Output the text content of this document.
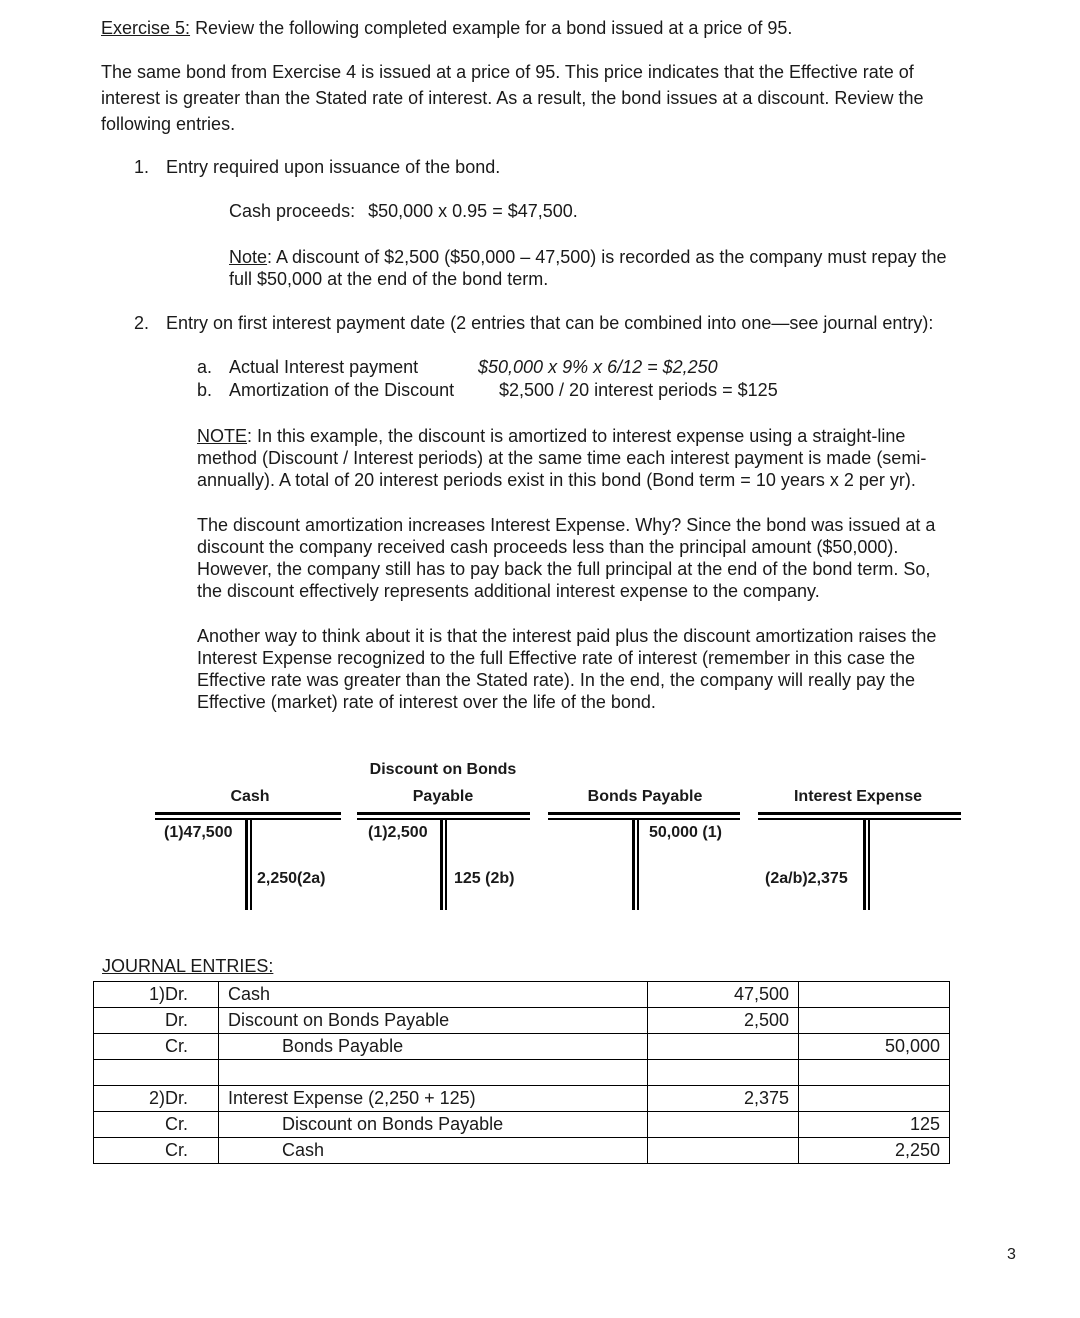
Exercise 5: Review the following completed example for a bond issued at a price of 95.
The same bond from Exercise 4 is issued at a price of 95. This price indicates that the Effective rate of
interest is greater than the Stated rate of interest. As a result, the bond issues at a discount. Review the
following entries.
1. Entry required upon issuance of the bond.
Cash proceeds: $50,000 x 0.95 = $47,500.

Note: A discount of $2,500 ($50,000 – 47,500) is recorded as the company must repay the

full $50,000 at the end of the bond term.

2. Entry on first interest payment date (2 entries that can be combined into one—see journal entry):
a. Actual Interest payment	$50,000 x 9% x 6/12 = $2,250
b. Amortization of the Discount $2,500 / 20 interest periods = $125

NOTE: In this example, the discount is amortized to interest expense using a straight-line

method (Discount / Interest periods) at the same time each interest payment is made (semi-

annually). A total of 20 interest periods exist in this bond (Bond term = 10 years x 2 per yr).

The discount amortization increases Interest Expense. Why? Since the bond was issued at a

discount the company received cash proceeds less than the principal amount ($50,000).

However, the company still has to pay back the full principal at the end of the bond term. So,

the discount effectively represents additional interest expense to the company.

Another way to think about it is that the interest paid plus the discount amortization raises the

Interest Expense recognized to the full Effective rate of interest (remember in this case the

Effective rate was greater than the Stated rate). In the end, the company will really pay the

Effective (market) rate of interest over the life of the bond.

Cash
(1)47,500
2,250(2a)
Discount on Bonds
Payable
(1)2,500
125 (2b)
Bonds Payable
50,000 (1)
Interest Expense
(2a/b)2,375
JOURNAL ENTRIES:
1)Dr.	Cash	47,500	
Dr.	Discount on Bonds Payable	2,500	
Cr.	Bonds Payable		50,000

2)Dr.	Interest Expense (2,250 + 125)	2,375	
Cr.	Discount on Bonds Payable		125
Cr.	Cash		2,250
3
